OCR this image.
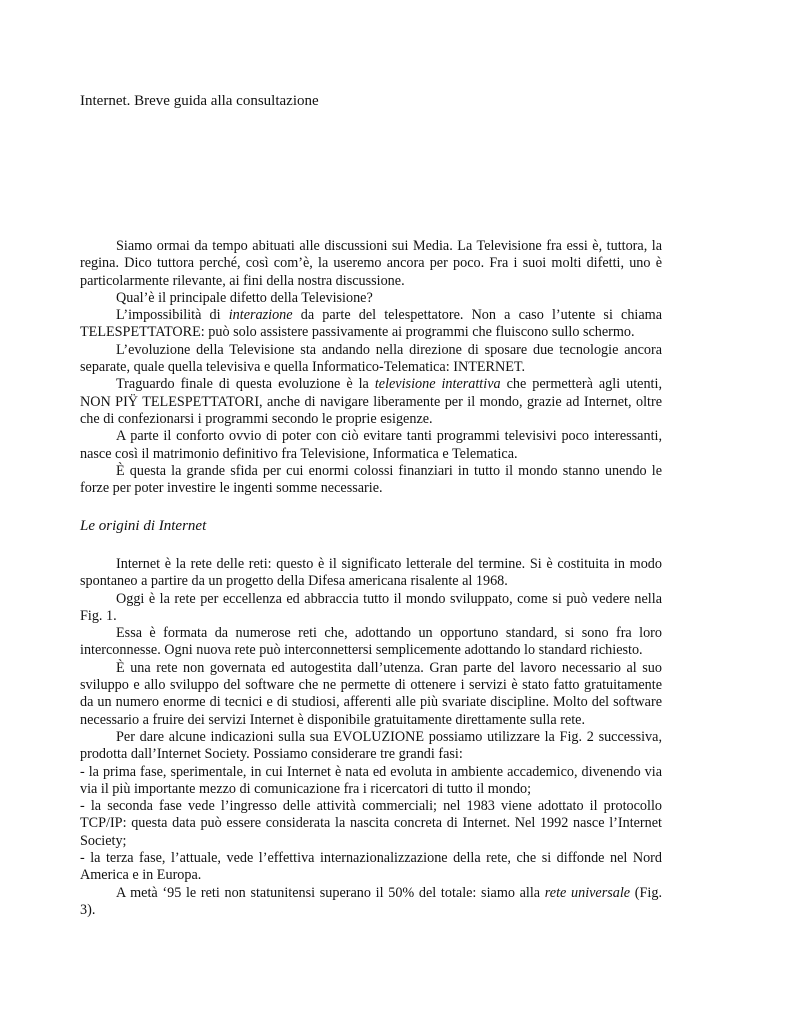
Internet. Breve guida alla consultazione

Siamo ormai da tempo abituati alle discussioni sui Media. La Televisione fra essi è, tuttora, la regina. Dico tuttora perché, così com’è, la useremo ancora per poco. Fra i suoi molti difetti, uno è particolarmente rilevante, ai fini della nostra discussione.

Qual’è il principale difetto della Televisione?

L’impossibilità di interazione da parte del telespettatore. Non a caso l’utente si chiama TELESPETTATORE: può solo assistere passivamente ai programmi che fluiscono sullo schermo.

L’evoluzione della Televisione sta andando nella direzione di sposare due tecnologie ancora separate, quale quella televisiva e quella Informatico-Telematica: INTERNET.

Traguardo finale di questa evoluzione è la televisione interattiva che permetterà agli utenti, NON PIŸ TELESPETTATORI, anche di navigare liberamente per il mondo, grazie ad Internet, oltre che di confezionarsi i programmi secondo le proprie esigenze.

A parte il conforto ovvio di poter con ciò evitare tanti programmi televisivi poco interessanti, nasce così il matrimonio definitivo fra Televisione, Informatica e Telematica.

È questa la grande sfida per cui enormi colossi finanziari in tutto il mondo stanno unendo le forze per poter investire le ingenti somme necessarie.

Le origini di Internet

Internet è la rete delle reti: questo è il significato letterale del termine. Si è costituita in modo spontaneo a partire da un progetto della Difesa americana risalente al 1968.

Oggi è la rete per eccellenza ed abbraccia tutto il mondo sviluppato, come si può vedere nella Fig. 1.

Essa è formata da numerose reti che, adottando un opportuno standard, si sono fra loro interconnesse. Ogni nuova rete può interconnettersi semplicemente adottando lo standard richiesto.

È una rete non governata ed autogestita dall’utenza. Gran parte del lavoro necessario al suo sviluppo e allo sviluppo del software che ne permette di ottenere i servizi è stato fatto gratuitamente da un numero enorme di tecnici e di studiosi, afferenti alle più svariate discipline. Molto del software necessario a fruire dei servizi Internet è disponibile gratuitamente direttamente sulla rete.

Per dare alcune indicazioni sulla sua EVOLUZIONE possiamo utilizzare la Fig. 2 successiva, prodotta dall’Internet Society. Possiamo considerare tre grandi fasi:

- la prima fase, sperimentale, in cui Internet è nata ed evoluta in ambiente accademico, divenendo via via il più importante mezzo di comunicazione fra i ricercatori di tutto il mondo;

- la seconda fase vede l’ingresso delle attività commerciali; nel 1983 viene adottato il protocollo TCP/IP: questa data può essere considerata la nascita concreta di Internet. Nel 1992 nasce l’Internet Society;

- la terza fase, l’attuale, vede l’effettiva internazionalizzazione della rete, che si diffonde nel Nord America e in Europa.

A metà ‘95 le reti non statunitensi superano il 50% del totale: siamo alla rete universale (Fig. 3).
